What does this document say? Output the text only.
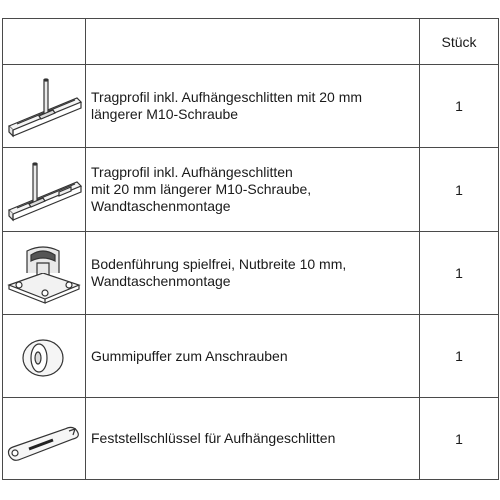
		Stück

Tragprofil inkl. Aufhängeschlitten mit 20 mm
längerer M10-Schraube	1

Tragprofil inkl. Aufhängeschlitten
mit 20 mm längerer M10-Schraube,
Wandtaschenmontage	1

Bodenführung spielfrei, Nutbreite 10 mm,
Wandtaschenmontage	1

Gummipuffer zum Anschrauben	1

Feststellschlüssel für Aufhängeschlitten	1
